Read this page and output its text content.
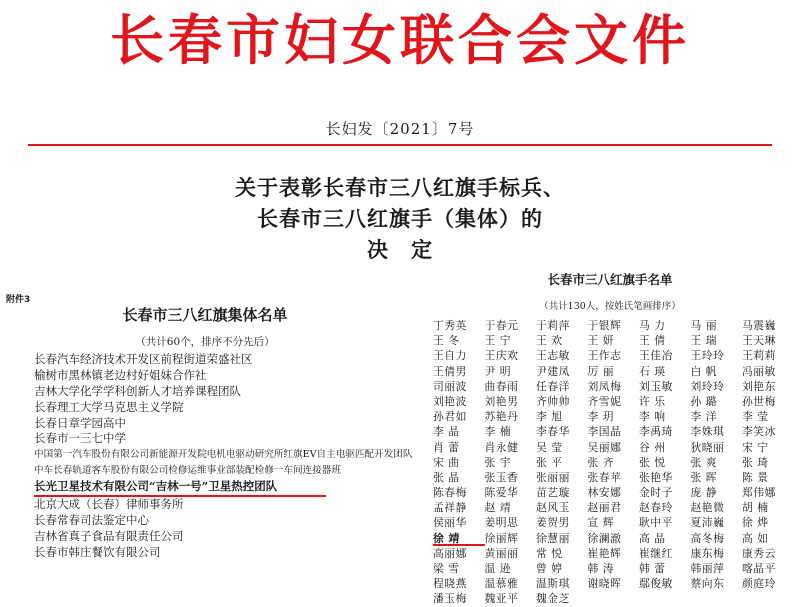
长春市妇女联合会文件
长妇发〔2021〕7号
关于表彰长春市三八红旗手标兵、
长春市三八红旗手（集体）的
决　定
附件3
长春市三八红旗集体名单
（共计60个，排序不分先后）
长春汽车经济技术开发区前程街道荣盛社区
榆树市黑林镇老边村好姐妹合作社
吉林大学化学学科创新人才培养课程团队
长春理工大学马克思主义学院
长春日章学园高中
长春市一三七中学
中国第一汽车股份有限公司新能源开发院电机电驱动研究所红旗EV自主电驱匹配开发团队
中车长春轨道客车股份有限公司检修运维事业部装配检修一车间连接器班
长光卫星技术有限公司“吉林一号”卫星热控团队
北京大成（长春）律师事务所
长春常春司法鉴定中心
吉林省真子食品有限责任公司
长春市韩庄餐饮有限公司
长春市三八红旗手名单
（共计130人，按姓氏笔画排序）
丁秀英	于春元	于莉萍	于银辉	马 力	马 丽	马震巍
王 冬	王 宁	王 欢	王 妍	王 倩	王 瑞	王天琳
王自力	王庆欢	王志敏	王作志	王佳冶	王玲玲	王莉莉
王倩男	尹 明	尹建凤	厉 丽	石 瑛	白 帆	冯丽敏
司丽波	曲春雨	任春洋	刘凤梅	刘玉敏	刘玲玲	刘艳东
刘艳波	刘艳男	齐帅帅	齐雪妮	许 乐	孙 璐	孙世梅
孙君如	苏艳丹	李 旭	李 玥	李 响	李 洋	李 莹
李 晶	李 楠	李春华	李国晶	李禹琦	李姝琪	李笑冰
肖 蕾	肖永健	吴 莹	吴丽娜	谷 州	狄晓丽	宋 宁
宋 曲	张 宇	张 平	张 齐	张 悦	张 爽	张 琦
张 晶	张玉香	张丽丽	张春苹	张艳华	张 晖	陈 景
陈春梅	陈爱华	苗艺璇	林安娜	金时子	庞 静	郑伟娜
孟祥静	赵 靖	赵风玉	赵丽君	赵春玲	赵艳微	胡 楠
侯丽华	姜明思	姜贺男	宣 辉	耿中平	夏沛巍	徐 烨
徐 靖	徐丽辉	徐慧丽	徐澜澈	高 晶	高冬梅	高 如
高丽娜	黄丽丽	常 悦	崔艳辉	崔继红	康东梅	康秀云
梁 雪	温 逊	曾 婷	韩 涛	韩 蕾	韩丽萍	喀晶平
程晓燕	温慕雅	温斯琪	谢晓晖	鄢俊敏	蔡向东	颜庭玲
潘玉梅	魏亚平	魏金芝
